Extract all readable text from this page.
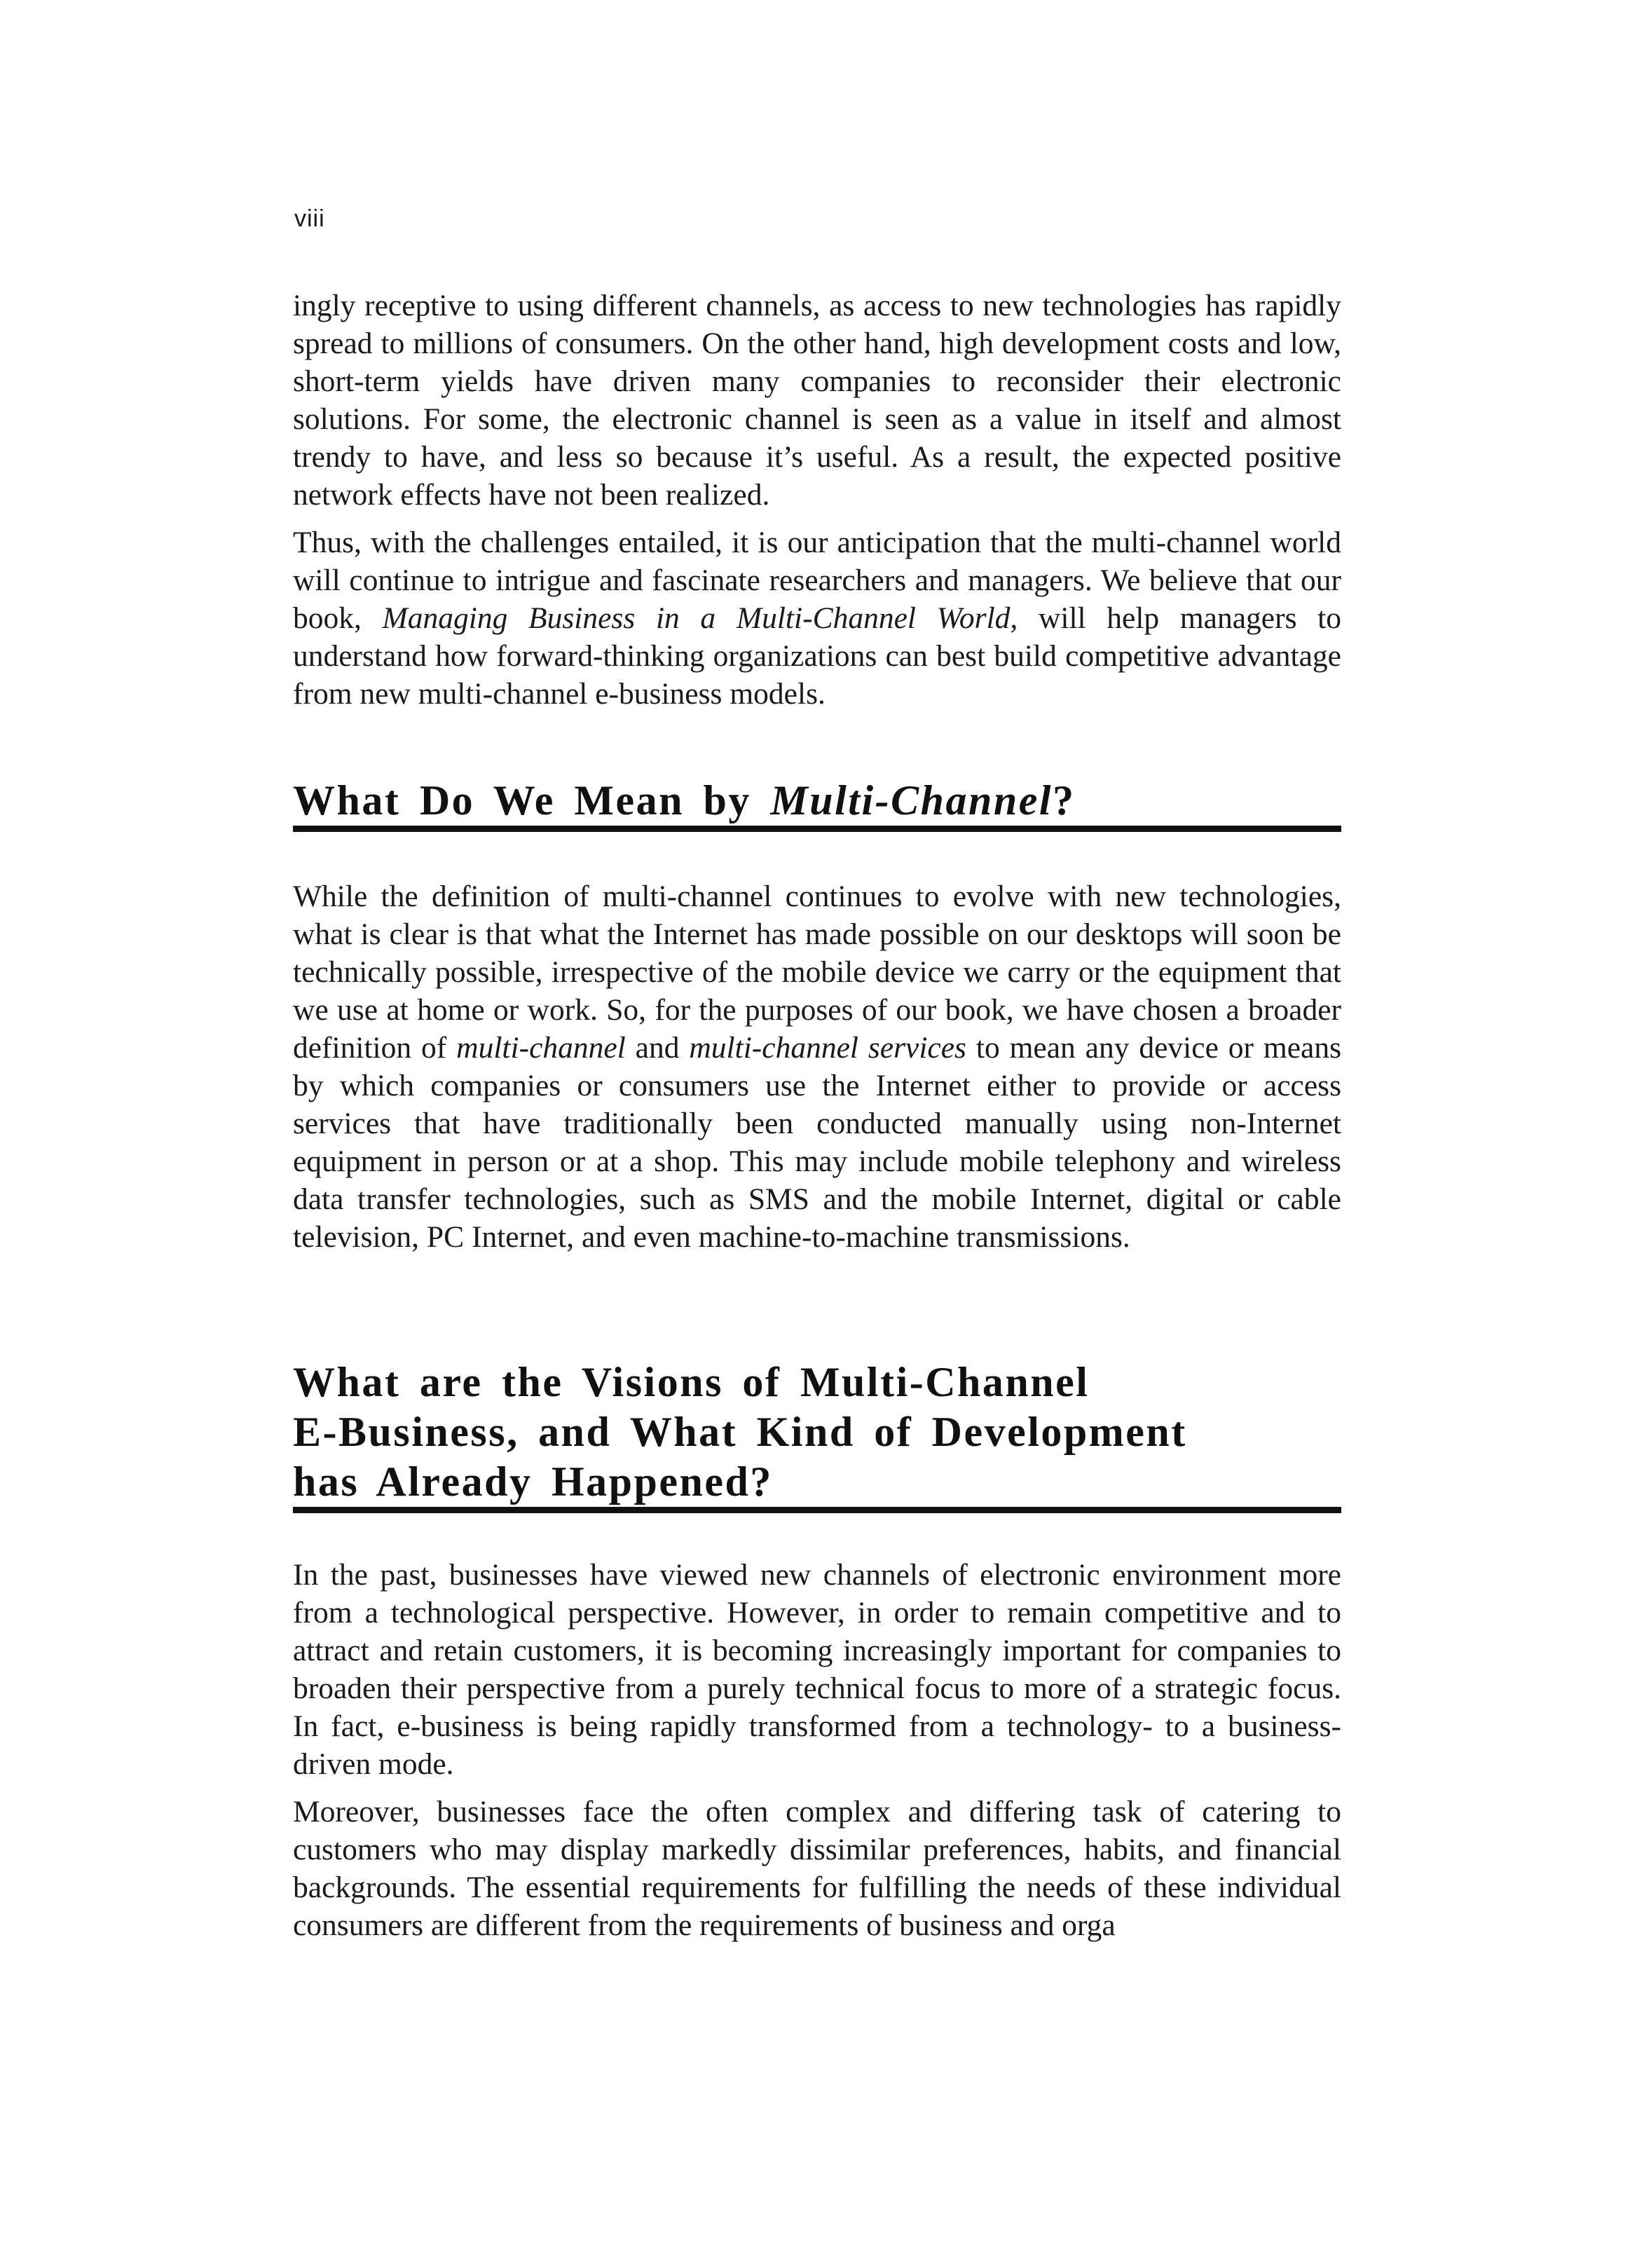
viii

ingly receptive to using different channels, as access to new technologies has rapidly spread to millions of consumers. On the other hand, high development costs and low, short-term yields have driven many companies to reconsider their electronic solutions. For some, the electronic channel is seen as a value in itself and almost trendy to have, and less so because it’s useful. As a result, the expected positive network effects have not been realized.

Thus, with the challenges entailed, it is our anticipation that the multi-channel world will continue to intrigue and fascinate researchers and managers. We believe that our book, Managing Business in a Multi-Channel World, will help managers to understand how forward-thinking organizations can best build competitive advantage from new multi-channel e-business models.

What Do We Mean by Multi-Channel?

While the definition of multi-channel continues to evolve with new technologies, what is clear is that what the Internet has made possible on our desktops will soon be technically possible, irrespective of the mobile device we carry or the equipment that we use at home or work. So, for the purposes of our book, we have chosen a broader definition of multi-channel and multi-channel services to mean any device or means by which companies or consumers use the Internet either to provide or access services that have traditionally been conducted manually using non-Internet equipment in person or at a shop. This may include mobile telephony and wireless data transfer technologies, such as SMS and the mobile Internet, digital or cable television, PC Internet, and even machine-to-machine transmissions.

What are the Visions of Multi-Channel
E-Business, and What Kind of Development
has Already Happened?

In the past, businesses have viewed new channels of electronic environment more from a technological perspective. However, in order to remain competitive and to attract and retain customers, it is becoming increasingly important for companies to broaden their perspective from a purely technical focus to more of a strategic focus. In fact, e-business is being rapidly transformed from a technology- to a business-driven mode.

Moreover, businesses face the often complex and differing task of catering to customers who may display markedly dissimilar preferences, habits, and financial backgrounds. The essential requirements for fulfilling the needs of these individual consumers are different from the requirements of business and orga
